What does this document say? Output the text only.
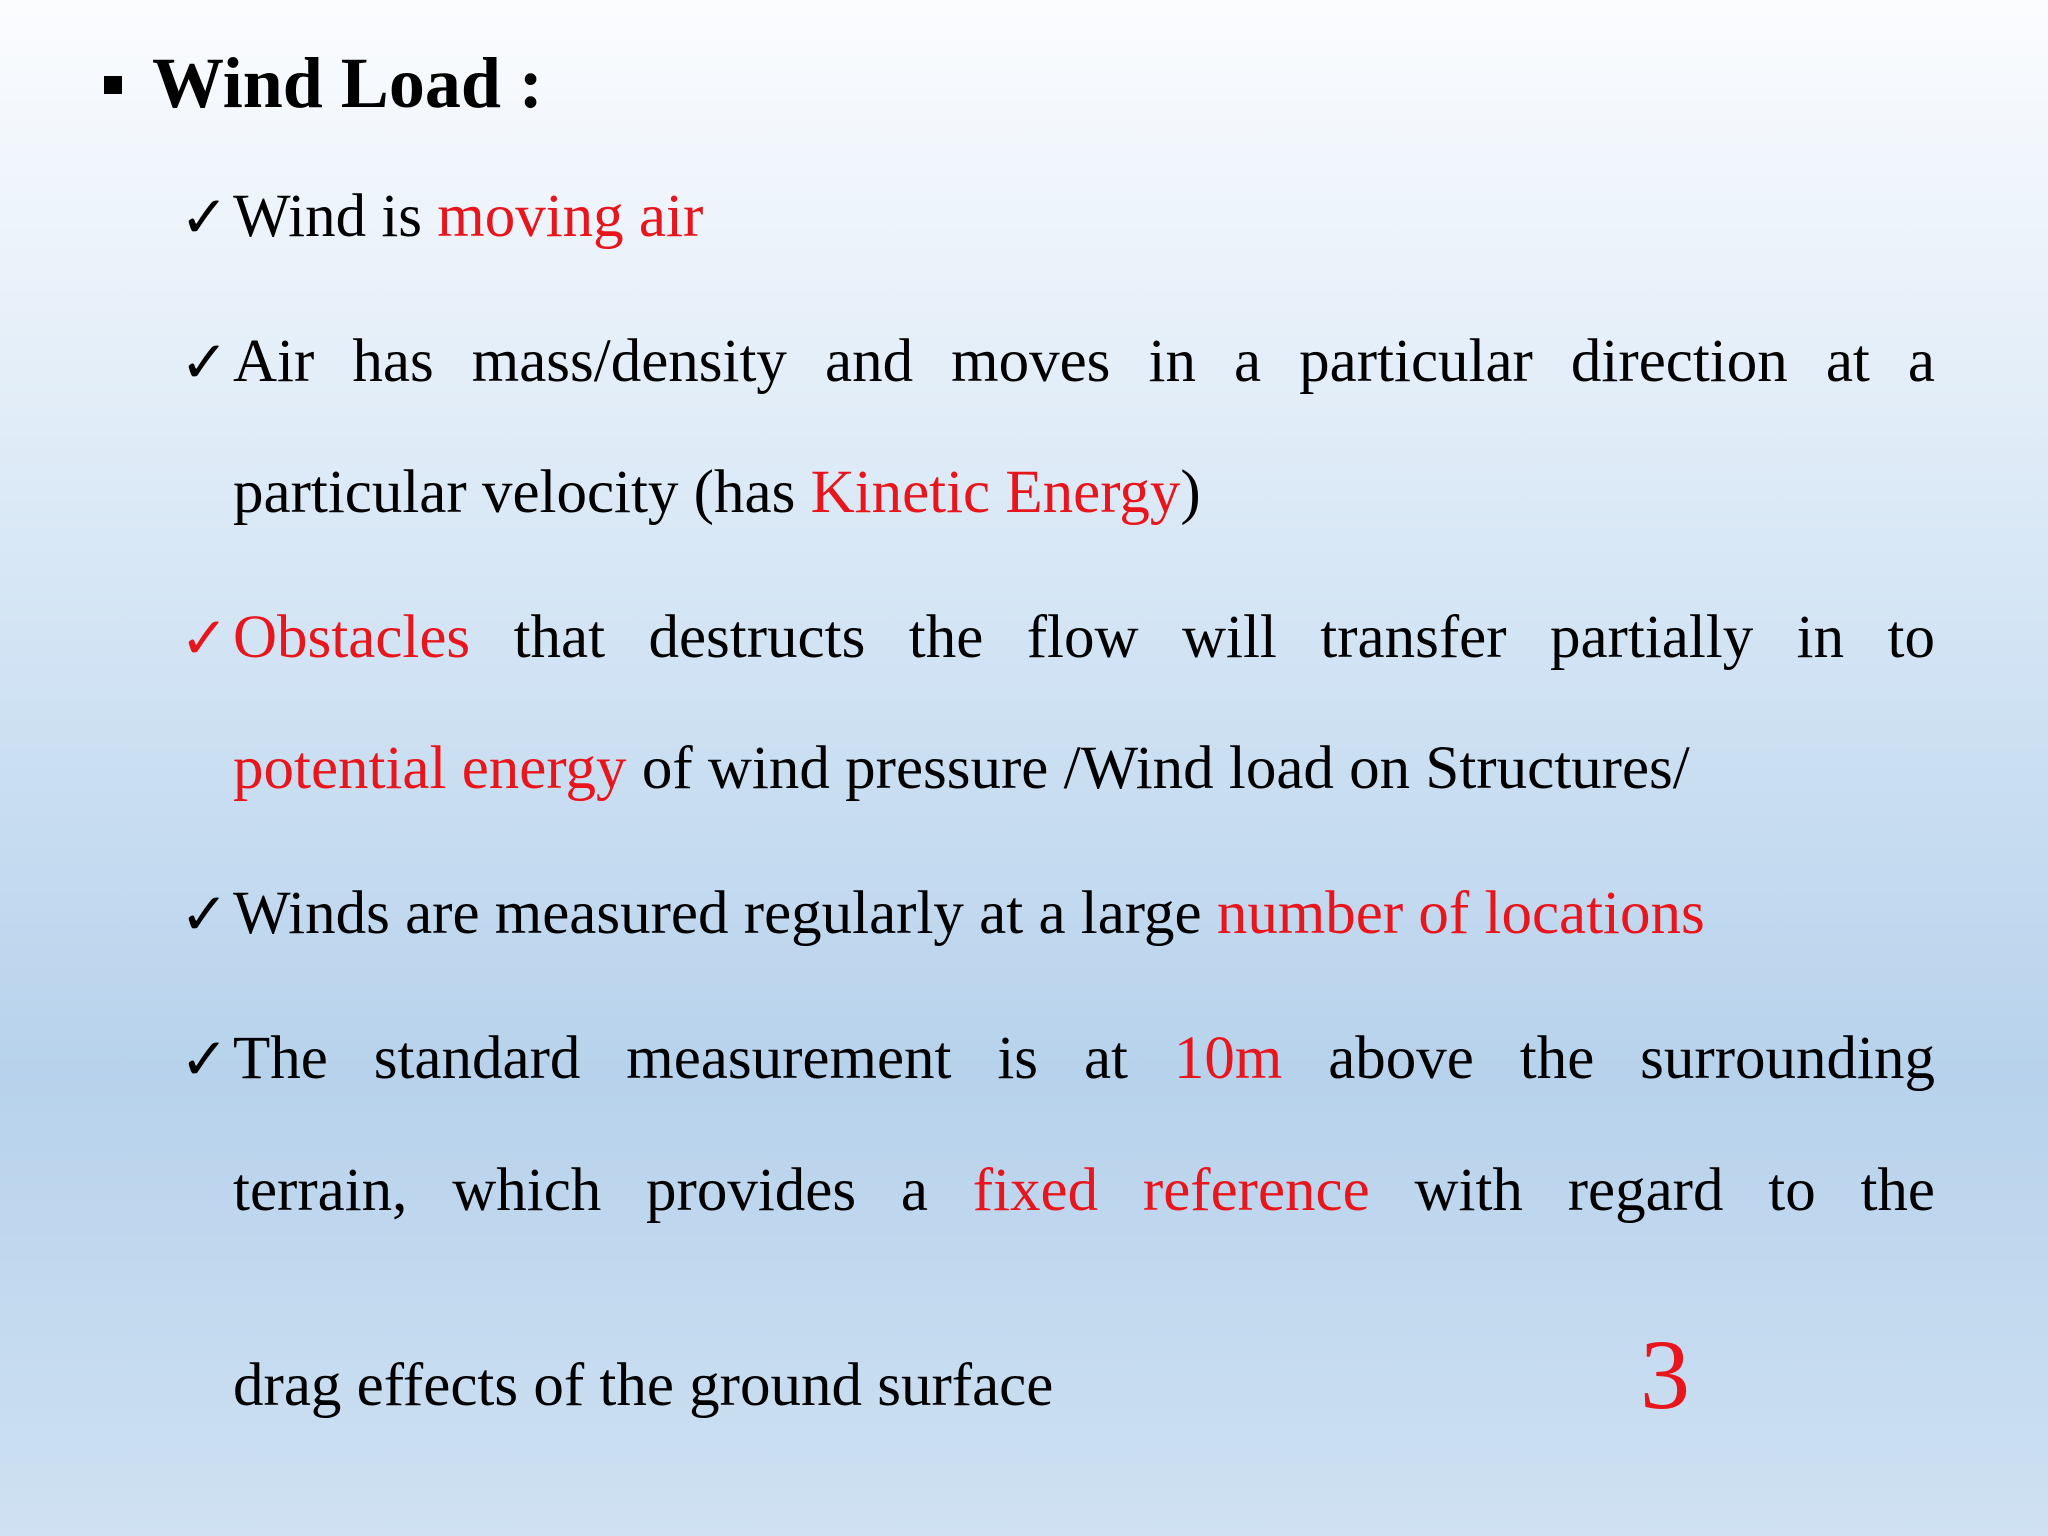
Wind Load :
✓ Wind is moving air
✓ Air has mass/density and moves in a particular direction at a
particular velocity (has Kinetic Energy)
✓ Obstacles that destructs the flow will transfer partially in to
potential energy of wind pressure /Wind load on Structures/
✓ Winds are measured regularly at a large number of locations
✓ The standard measurement is at 10m above the surrounding
terrain, which provides a fixed reference with regard to the
drag effects of the ground surface	3
